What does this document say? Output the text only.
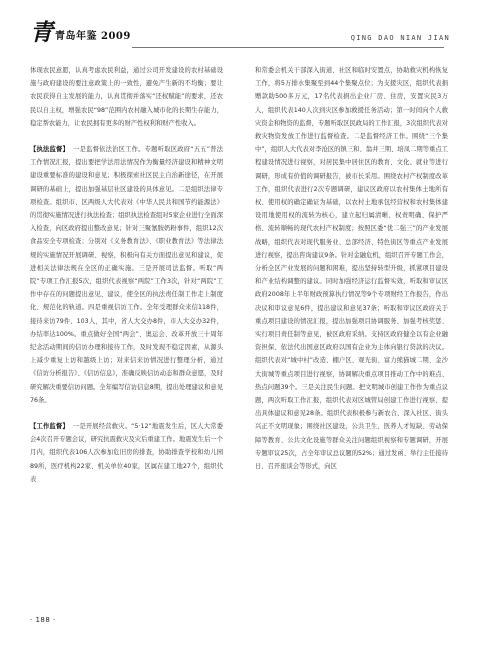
青 青岛年鉴 2009	QING DAO NIAN JIAN

体现农民意愿，认真考虑农民利益，通过公司开发建设的农村基础设施与政府建设的要注意政策上的一致性，避免产生新的不均衡；要让农民获得自主发展的能力，认真贯彻并落实“还权赋能”的要求，还农民以自主权，增强农民“98”范围内农村融入城市化的长期生存能力，稳定帮农能力，让农民拥有更多的财产性权利和财产性收入。

【执法监督】 一是监督依法治区工作。专题听取区政府“五五”普法工作情况汇报，提出要把学法用法情况作为衡量经济建设和精神文明建设重要标准的建设和意见；积极探索社区民主自治新途径，在开展调研的基础上，提出加强基层社区建设的具体意见。二是组织法律专项检查。组织市、区两级人大代表对《中华人民共和国节约能源法》的贯彻实施情况进行执法检查；组织执法检查组对5家企业进行全面深入检查，向区政府提出整改意见；针对三聚氰胺奶粉事件，组织12次食品安全专项检查；分别对《义务教育法》、《职业教育法》等法律法规的实施情况开展调研、视察，积极向有关方面提出意见和建议，促进相关法律法规在全区的正确实施。三是开展司法监督。听取“两院”专项工作汇报5次，组织代表视察“两院”工作3次，针对“两院”工作中存在的问题提出意见、建议，使全区的执法责任制工作走上制度化、规范化的轨道。四是重视信访工作。全年受理群众来信118件，接待来访79件、103人，其中，省人大交办8件，市人大交办32件，办结率达100%。重点做好全国“两会”、奥运会、改革开放三十周年纪念活动期间的信访办理和接待工作，及时发现不稳定因素，从源头上减少重复上访和越级上访；对来信来访情况进行整理分析，通过《信访分析报告》、《信访信息》，准确反映信访动态和群众意愿，及时研究解决重要信访问题。全年编写信访信息8期，提出处理建议和意见76条。

【工作监督】 一是开展经营救灾。“5·12”地震发生后，区人大常委会4次召开专题会议，研究抗震救灾及灾后重建工作。地震发生后一个月内，组织代表106人次参加危旧房的排查，协助排查学校和幼儿园89所，医疗机构22家、机关单位40家，区属在建工地27个，组织代表

和常委会机关干部深入街道、社区和临时安置点，协助救灾机构恢复工作，将5万排水集聚至到44个集聚点位；为支援灾区，组织代表捐赠款助500多万元，17名代表捐出企业厂房、住房，安置灾民3万人，组织代表140人次到灾区参加救援任务活动；第一时间向个人救灾资金和物资的监督，专题听取区民政局的工作汇报，3次组织代表对救灾物资发放工作进行监督检查。二是监督经济工作。围绕“三个集中”，组织人大代表对李沧区的镇三和、翁井三期、培凤二期等重点工程建设情况进行视察，对居民集中居住区的教育、文化、就业等进行调研，形成有价值的调研报告，被市长采用。围绕农村产权制度改革工作，组织代表进行2次专题调研，建议区政府以农村集体土地所有权、使用权的确定确证为基础，以农村土地承包经营权和农村集体建设用地使用权的流转为核心，建立起归属清晰、权责明确、保护严格、流转顺畅的现代农村产权制度；按照区委“优二强三”的产业发展战略，组织代表对现代服务业、总部经济、特色街区等重点产业发展进行视察，提出咨询建议9条。针对金融危机，组织召开专题工作会，分析全区产业发展的问题和困难，提出坚持转型升级，抓紧项目建设和产业结构调整的建议。同时加强经济运行监督实效，听取和审议区政府2008年上半年财政预算执行情况等9个专项财经工作报告，作出决议和审议意见6件，提出建议和意见37条；听取和审议区政府关于重点项目建设的情况汇报，提出加强项目协调服务、加强考核奖惩、实行项目责任制等意见，被区政府采纳。支持区政府健全以有企业融资担保、依法代出国意区政府以国有企业为主体向银行贷款的决议。组织代表对“城中村”改造、棚户区、观光街、富力熊猫城二期、金沙大街城等重点项目进行视察，协调解决重点项目推动工作中的难点、热点问题39个。三是关注民生问题。把文明城市创建工作作为重点议题，两次听取工作汇报，组织代表对区城管局创建工作进行视察，提出具体建议和意见28条。组织代表积极参与新农合、深入社区、街头兴正不文明现象；围绕社区建设，公共卫生、医养人才短缺、劳动保障等教育、公共文化设施等群众关注问题组织视察和专题调研，开展专题审议25次，占全年审议总议题的52%；通过发函、举行主任接待日、召开座谈会等形式，向区

· 188 ·
